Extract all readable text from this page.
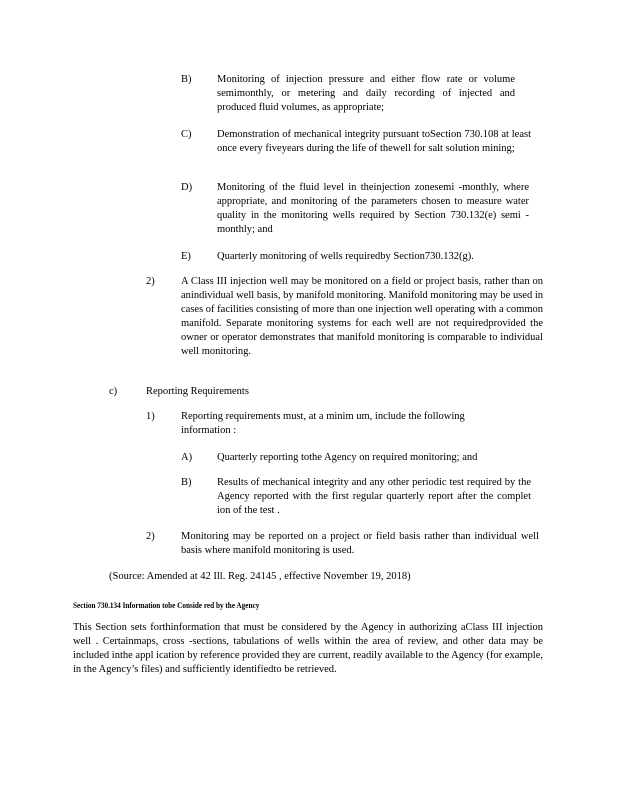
B) Monitoring of injection pressure and either flow rate or volume semimonthly, or metering and daily recording of injected and produced fluid volumes, as appropriate;

C) Demonstration of mechanical integrity pursuant toSection 730.108 at least once every fiveyears during the life of thewell for salt solution mining;

D) Monitoring of the fluid level in theinjection zonesemi -monthly, where appropriate, and monitoring of the parameters chosen to measure water quality in the monitoring wells required by Section 730.132(e) semi -monthly; and

E) Quarterly monitoring of wells requiredby Section730.132(g).

2)	A Class III injection well may be monitored on a field or project basis, rather than on anindividual well basis, by manifold monitoring. Manifold monitoring may be used in cases of facilities consisting of more than one injection well operating with a common manifold. Separate monitoring systems for each well are not requiredprovided the owner or operator demonstrates that manifold monitoring is comparable to individual well monitoring.

c)	Reporting Requirements

1)	Reporting requirements must, at a minim um, include the following information :

A) Quarterly reporting tothe Agency on required monitoring; and

B) Results of mechanical integrity and any other periodic test required by the Agency reported with the first regular quarterly report after the complet ion of the test .

2)	Monitoring may be reported on a project or field basis rather than individual well basis where manifold monitoring is used.

(Source: Amended at 42 Ill. Reg. 24145 , effective November 19, 2018)

Section 730.134 Information tobe Conside red by the Agency

This Section sets forthinformation that must be considered by the Agency in authorizing aClass III injection well . Certainmaps, cross -sections, tabulations of wells within the area of review, and other data may be included inthe appl ication by reference provided they are current, readily available to the Agency (for example, in the Agency’s files) and sufficiently identifiedto be retrieved.
